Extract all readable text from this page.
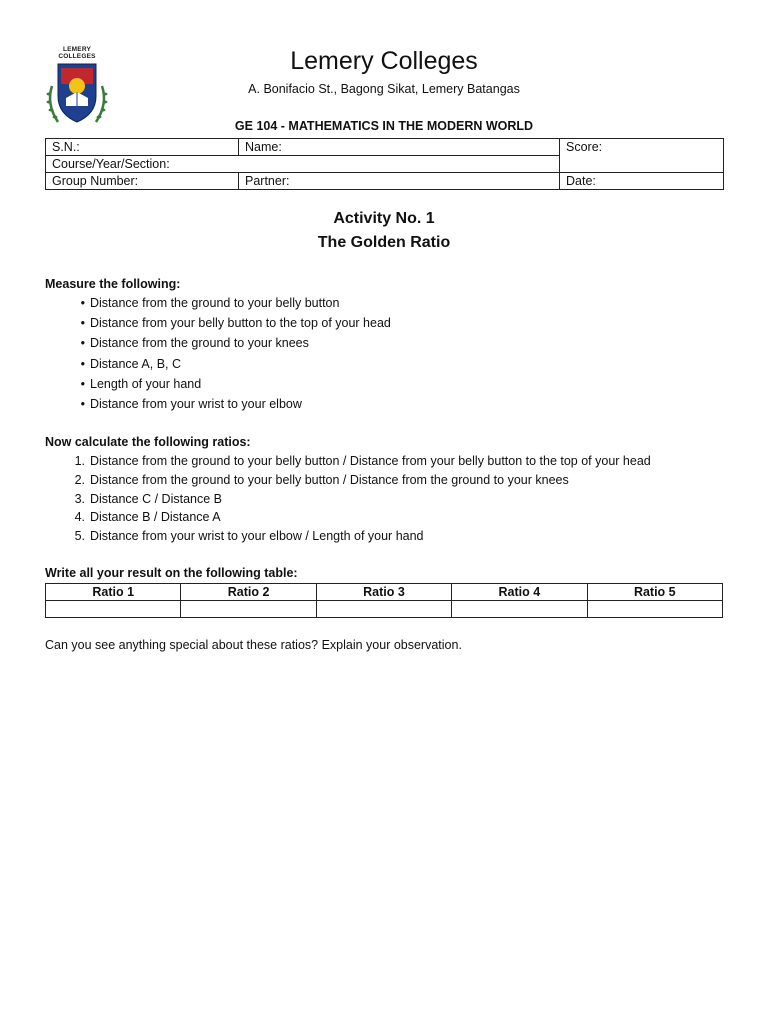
LEMERY
COLLEGES	Lemery Colleges
A. Bonifacio St., Bagong Sikat, Lemery Batangas
GE 104 - MATHEMATICS IN THE MODERN WORLD
S.N.:	Name:	Score:
Course/Year/Section:		
Group Number:	Partner:	Date:
Activity No. 1
The Golden Ratio
Measure the following:
• Distance from the ground to your belly button
• Distance from your belly button to the top of your head
• Distance from the ground to your knees
• Distance A, B, C
• Length of your hand
• Distance from your wrist to your elbow
Now calculate the following ratios:
1. Distance from the ground to your belly button / Distance from your belly button to the top of your head
2. Distance from the ground to your belly button / Distance from the ground to your knees
3. Distance C / Distance B
4. Distance B / Distance A
5. Distance from your wrist to your elbow / Length of your hand
Write all your result on the following table:
Ratio 1	Ratio 2	Ratio 3	Ratio 4	Ratio 5

Can you see anything special about these ratios? Explain your observation.
